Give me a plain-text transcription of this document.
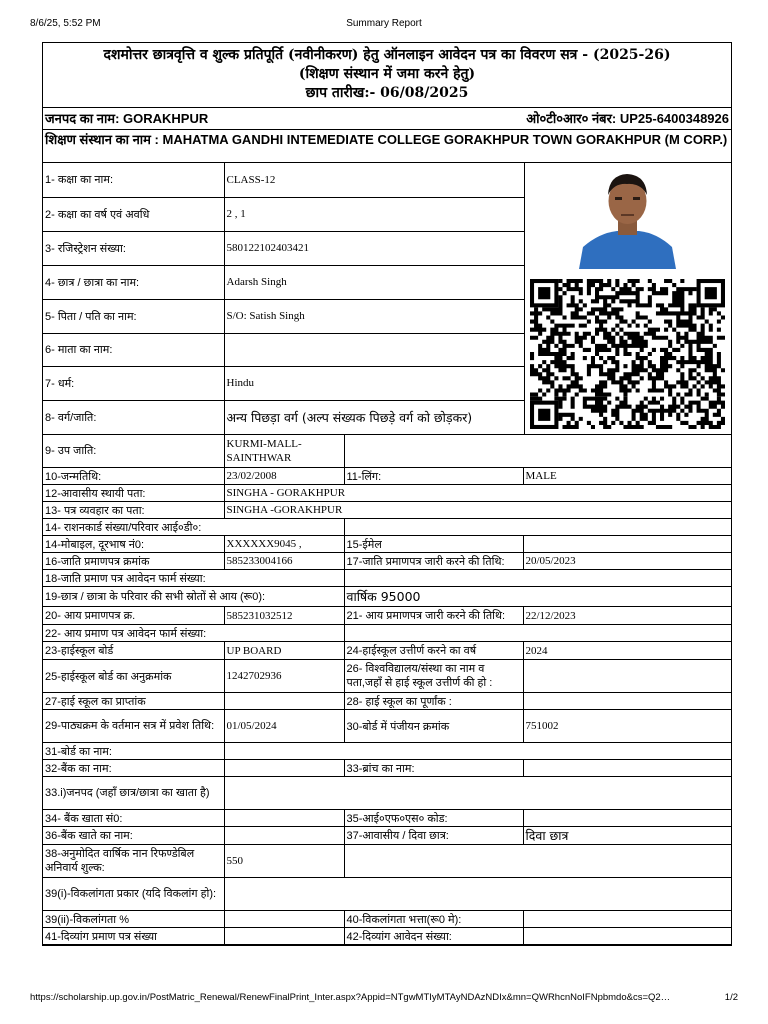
8/6/25, 5:52 PM	Summary Report
दशमोत्तर छात्रवृत्ति व शुल्क प्रतिपूर्ति (नवीनीकरण) हेतु ऑनलाइन आवेदन पत्र का विवरण सत्र - (2025-26)
(शिक्षण संस्थान में जमा करने हेतु)
छाप तारीख:- 06/08/2025
जनपद का नाम: GORAKHPUR	ओ०टी०आर० नंबर: UP25-6400348926
शिक्षण संस्थान का नाम : MAHATMA GANDHI INTEMEDIATE COLLEGE GORAKHPUR TOWN GORAKHPUR (M CORP.)
1- कक्षा का नाम:	CLASS-12	

2- कक्षा का वर्ष एवं अवधि	2 , 1	
3- रजिस्ट्रेशन संख्या:	580122102403421	
4- छात्र / छात्रा का नाम:	Adarsh Singh	
5- पिता / पति का नाम:	S/O: Satish Singh	
6- माता का नाम:		
7- धर्म:	Hindu	
8- वर्ग/जाति:	अन्य पिछड़ा वर्ग (अल्प संख्यक पिछड़े वर्ग को छोड़कर)	
9- उप जाति:	KURMI-MALL-SAINTHWAR		
10-जन्मतिथि:	23/02/2008	11-लिंग:	MALE
12-आवासीय स्थायी पता:	SINGHA - GORAKHPUR		
13- पत्र व्यवहार का पता:	SINGHA -GORAKHPUR		
14- राशनकार्ड संख्या/परिवार आई०डी०:			
14-मोबाइल, दूरभाष नं0:	XXXXXX9045 ,	15-ईमेल	
16-जाति प्रमाणपत्र क्रमांक	585233004166	17-जाति प्रमाणपत्र जारी करने की तिथि:	20/05/2023
18-जाति प्रमाण पत्र आवेदन फार्म संख्या:			
19-छात्र / छात्रा के परिवार की सभी स्रोतों से आय (रू0):		वार्षिक 95000	
20- आय प्रमाणपत्र क्र.	585231032512	21- आय प्रमाणपत्र जारी करने की तिथि:	22/12/2023
22- आय प्रमाण पत्र आवेदन फार्म संख्या:			
23-हाईस्कूल बोर्ड	UP BOARD	24-हाईस्कूल उत्तीर्ण करने का वर्ष	2024
25-हाईस्कूल बोर्ड का अनुक्रमांक	1242702936	26- विश्वविद्यालय/संस्था का नाम व पता,जहाँ से हाई स्कूल उत्तीर्ण की हो :	
27-हाई स्कूल का प्राप्तांक		28- हाई स्कूल का पूर्णांक :	
29-पाठ्यक्रम के वर्तमान सत्र में प्रवेश तिथि:	01/05/2024	30-बोर्ड में पंजीयन क्रमांक	751002
31-बोर्ड का नाम:			
32-बैंक का नाम:		33-ब्रांच का नाम:	
33.i)जनपद (जहाँ छात्र/छात्रा का खाता है)			
34- बैंक खाता सं0:		35-आई०एफ०एस० कोड:	
36-बैंक खाते का नाम:		37-आवासीय / दिवा छात्र:	दिवा छात्र
38-अनुमोदित वार्षिक नान रिफण्डेबिल अनिवार्य शुल्क:	550		
39(i)-विकलांगता प्रकार (यदि विकलांग हो):			
39(ii)-विकलांगता %		40-विकलांगता भत्ता(रू0 मे):	
41-दिव्यांग प्रमाण पत्र संख्या		42-दिव्यांग आवेदन संख्या:	
https://scholarship.up.gov.in/PostMatric_Renewal/RenewFinalPrint_Inter.aspx?Appid=NTgwMTIyMTAyNDAzNDIx&mn=QWRhcnNoIFNpbmdo&cs=Q2…	1/2
